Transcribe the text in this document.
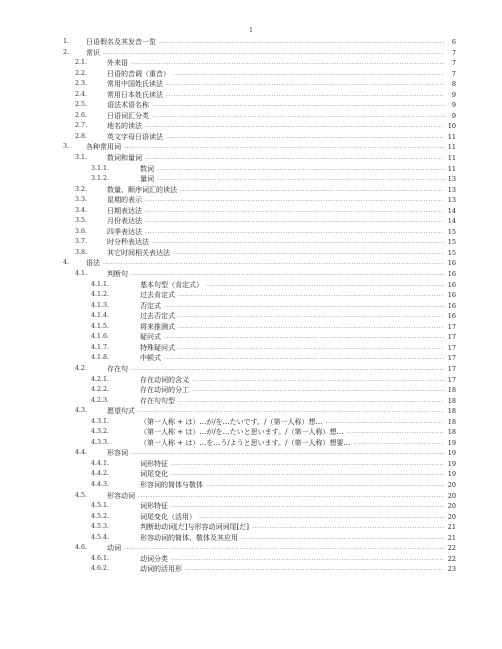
1
1.	日语假名及其发音一览 .....	6
2.	常识 .....	7
2.1.	外来语 .....	7
2.2.	日语的音调（重音） .....	7
2.3.	常用中国姓氏读法 .....	8
2.4.	常用日本姓氏读法 .....	9
2.5.	语法术语名称 .....	9
2.6.	日语词汇分类 .....	9
2.7.	地名的读法 .....	10
2.8.	英文字母日语读法 .....	11
3.	各种常用词 .....	11
3.1.	数词和量词 .....	11
3.1.1.	数词 .....	11
3.1.2.	量词 .....	13
3.2.	数量、顺序词汇的读法 .....	13
3.3.	星期的表示 .....	13
3.4.	日期表达法 .....	14
3.5.	月份表达法 .....	14
3.6.	四季表达法 .....	15
3.7.	时分秒表达法 .....	15
3.8.	其它时间相关表达法 .....	15
4.	语法 .....	16
4.1.	判断句 .....	16
4.1.1.	基本句型（肯定式） .....	16
4.1.2.	过去肯定式 .....	16
4.1.3.	否定式 .....	16
4.1.4.	过去否定式 .....	16
4.1.5.	将来推测式 .....	17
4.1.6.	疑问式 .....	17
4.1.7.	特殊疑问式 .....	17
4.1.8.	中顿式 .....	17
4.2.	存在句 .....	17
4.2.1.	存在动词的含义 .....	17
4.2.2.	存在动词的分工 .....	18
4.2.3.	存在句句型 .....	18
4.3.	愿望句式 .....	18
4.3.1.	（第一人称 + は）…が/を…たいです。/（第一人称）想… .....	18
4.3.2.	（第一人称 + は）…が/を…たいと思います。/（第一人称）想… .....	18
4.3.3.	（第一人称 + は）…を…う/ようと思います。/（第一人称）想要… .....	19
4.4.	形容词 .....	19
4.4.1.	词形特征 .....	19
4.4.2.	词尾变化 .....	19
4.4.3.	形容词的简体与敬体 .....	20
4.5.	形容动词 .....	20
4.5.1.	词形特征 .....	20
4.5.2.	词尾变化（活用） .....	20
4.5.3.	判断助动词[だ]与形容动词词尾[だ] .....	21
4.5.4.	形容动词的简体、敬体及其应用 .....	21
4.6.	动词 .....	22
4.6.1.	动词分类 .....	22
4.6.2.	动词的活用形 .....	23
